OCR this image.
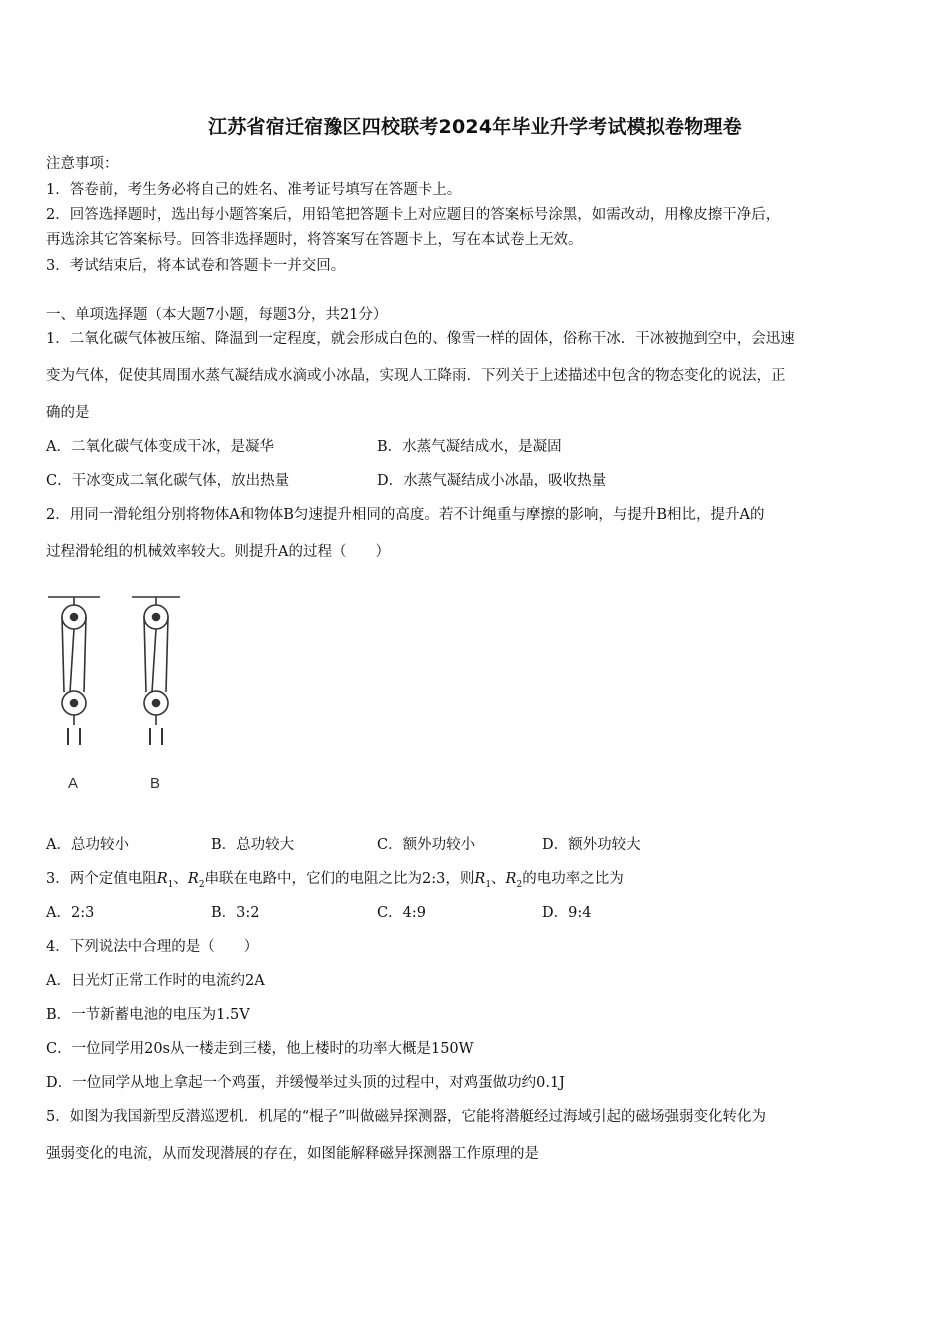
江苏省宿迁宿豫区四校联考2024年毕业升学考试模拟卷物理卷
注意事项：
1．答卷前，考生务必将自己的姓名、准考证号填写在答题卡上。
2．回答选择题时，选出每小题答案后，用铅笔把答题卡上对应题目的答案标号涂黑，如需改动，用橡皮擦干净后，
再选涂其它答案标号。回答非选择题时，将答案写在答题卡上，写在本试卷上无效。
3．考试结束后，将本试卷和答题卡一并交回。
一、单项选择题（本大题7小题，每题3分，共21分）
1．二氧化碳气体被压缩、降温到一定程度，就会形成白色的、像雪一样的固体，俗称干冰．干冰被抛到空中，会迅速
变为气体，促使其周围水蒸气凝结成水滴或小冰晶，实现人工降雨．下列关于上述描述中包含的物态变化的说法，正
确的是
A．二氧化碳气体变成干冰，是凝华	B．水蒸气凝结成水，是凝固
C．干冰变成二氧化碳气体，放出热量	D．水蒸气凝结成小冰晶，吸收热量
2．用同一滑轮组分别将物体A和物体B匀速提升相同的高度。若不计绳重与摩擦的影响，与提升B相比，提升A的
过程滑轮组的机械效率较大。则提升A的过程（　　）
A	B
A．总功较小	B．总功较大	C．额外功较小	D．额外功较大
3．两个定值电阻$R_1$、$R_2$串联在电路中，它们的电阻之比为2:3，则$R_1$、$R_2$的电功率之比为
A．2:3	B．3:2	C．4:9	D．9:4
4．下列说法中合理的是（　　）
A．日光灯正常工作时的电流约2A
B．一节新蓄电池的电压为1.5V
C．一位同学用20s从一楼走到三楼，他上楼时的功率大概是150W
D．一位同学从地上拿起一个鸡蛋，并缓慢举过头顶的过程中，对鸡蛋做功约0.1J
5．如图为我国新型反潜巡逻机．机尾的“棍子”叫做磁异探测器，它能将潜艇经过海域引起的磁场强弱变化转化为
强弱变化的电流，从而发现潜展的存在，如图能解释磁异探测器工作原理的是
